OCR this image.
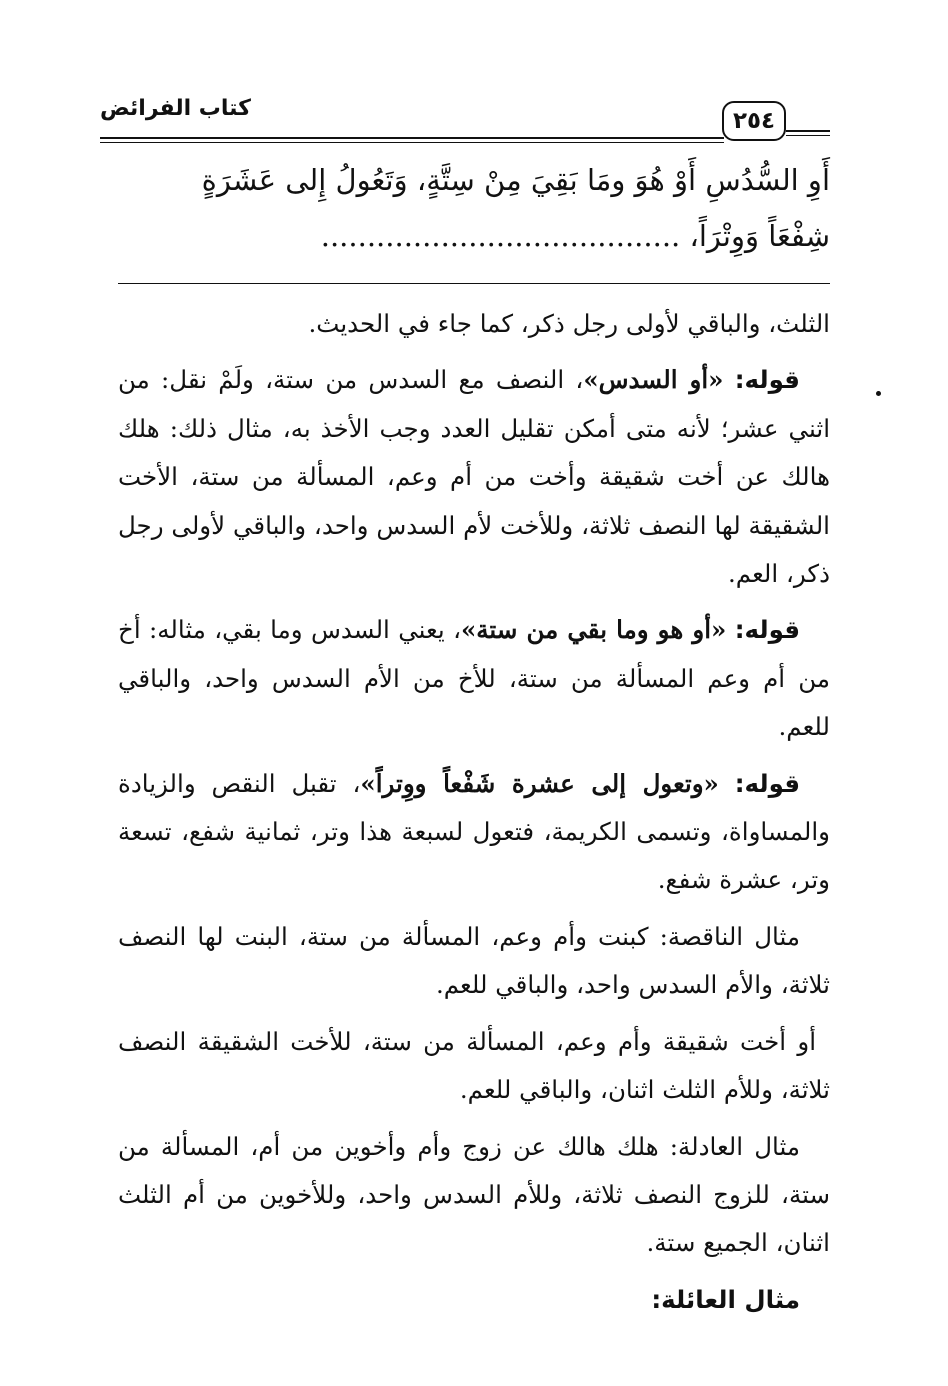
كتاب الفرائض	٢٥٤
أَوِ السُّدُسِ أَوْ هُوَ ومَا بَقِيَ مِنْ سِتَّةٍ، وَتَعُولُ إِلى عَشَرَةٍ
شِفْعَاً وَوِتْرَاً، .......................................

الثلث، والباقي لأولى رجل ذكر، كما جاء في الحديث.

قوله: «أو السدس»، النصف مع السدس من ستة، ولَمْ نقل: من اثني عشر؛ لأنه متى أمكن تقليل العدد وجب الأخذ به، مثال ذلك: هلك هالك عن أخت شقيقة وأخت من أم وعم، المسألة من ستة، الأخت الشقيقة لها النصف ثلاثة، وللأخت لأم السدس واحد، والباقي لأولى رجل ذكر، العم.

قوله: «أو هو وما بقي من ستة»، يعني السدس وما بقي، مثاله: أخ من أم وعم المسألة من ستة، للأخ من الأم السدس واحد، والباقي للعم.

قوله: «وتعول إلى عشرة شَفْعاً ووِتراً»، تقبل النقص والزيادة والمساواة، وتسمى الكريمة، فتعول لسبعة هذا وتر، ثمانية شفع، تسعة وتر، عشرة شفع.

مثال الناقصة: كبنت وأم وعم، المسألة من ستة، البنت لها النصف ثلاثة، والأم السدس واحد، والباقي للعم.

أو أخت شقيقة وأم وعم، المسألة من ستة، للأخت الشقيقة النصف ثلاثة، وللأم الثلث اثنان، والباقي للعم.

مثال العادلة: هلك هالك عن زوج وأم وأخوين من أم، المسألة من ستة، للزوج النصف ثلاثة، وللأم السدس واحد، وللأخوين من أم الثلث اثنان، الجميع ستة.

مثال العائلة:
